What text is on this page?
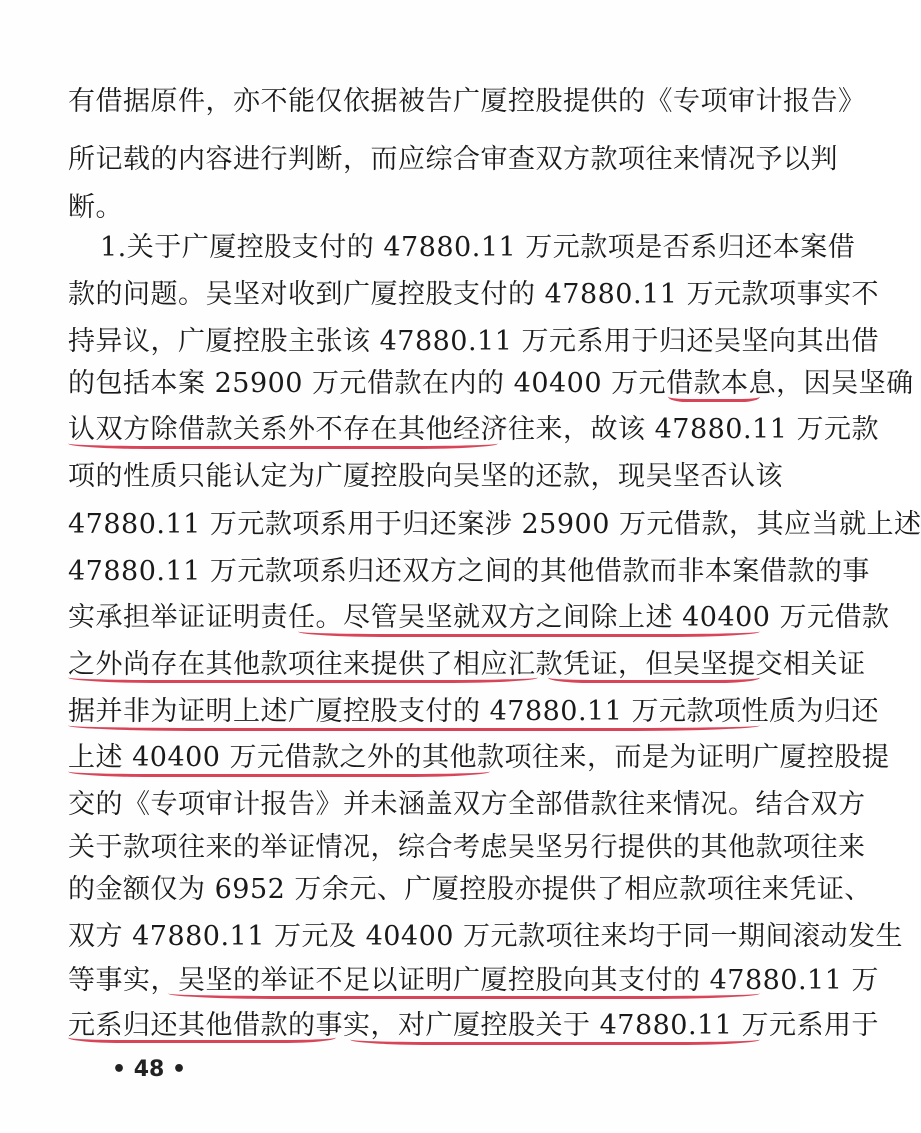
有借据原件，亦不能仅依据被告广厦控股提供的《专项审计报告》
所记载的内容进行判断，而应综合审查双方款项往来情况予以判
断。
1.关于广厦控股支付的 47880.11 万元款项是否系归还本案借
款的问题。吴坚对收到广厦控股支付的 47880.11 万元款项事实不
持异议，广厦控股主张该 47880.11 万元系用于归还吴坚向其出借
的包括本案 25900 万元借款在内的 40400 万元借款本息，因吴坚确
认双方除借款关系外不存在其他经济往来，故该 47880.11 万元款
项的性质只能认定为广厦控股向吴坚的还款，现吴坚否认该
47880.11 万元款项系用于归还案涉 25900 万元借款，其应当就上述
47880.11 万元款项系归还双方之间的其他借款而非本案借款的事
实承担举证证明责任。尽管吴坚就双方之间除上述 40400 万元借款
之外尚存在其他款项往来提供了相应汇款凭证，但吴坚提交相关证
据并非为证明上述广厦控股支付的 47880.11 万元款项性质为归还
上述 40400 万元借款之外的其他款项往来，而是为证明广厦控股提
交的《专项审计报告》并未涵盖双方全部借款往来情况。结合双方
关于款项往来的举证情况，综合考虑吴坚另行提供的其他款项往来
的金额仅为 6952 万余元、广厦控股亦提供了相应款项往来凭证、
双方 47880.11 万元及 40400 万元款项往来均于同一期间滚动发生
等事实，吴坚的举证不足以证明广厦控股向其支付的 47880.11 万
元系归还其他借款的事实，对广厦控股关于 47880.11 万元系用于
• 48 •
